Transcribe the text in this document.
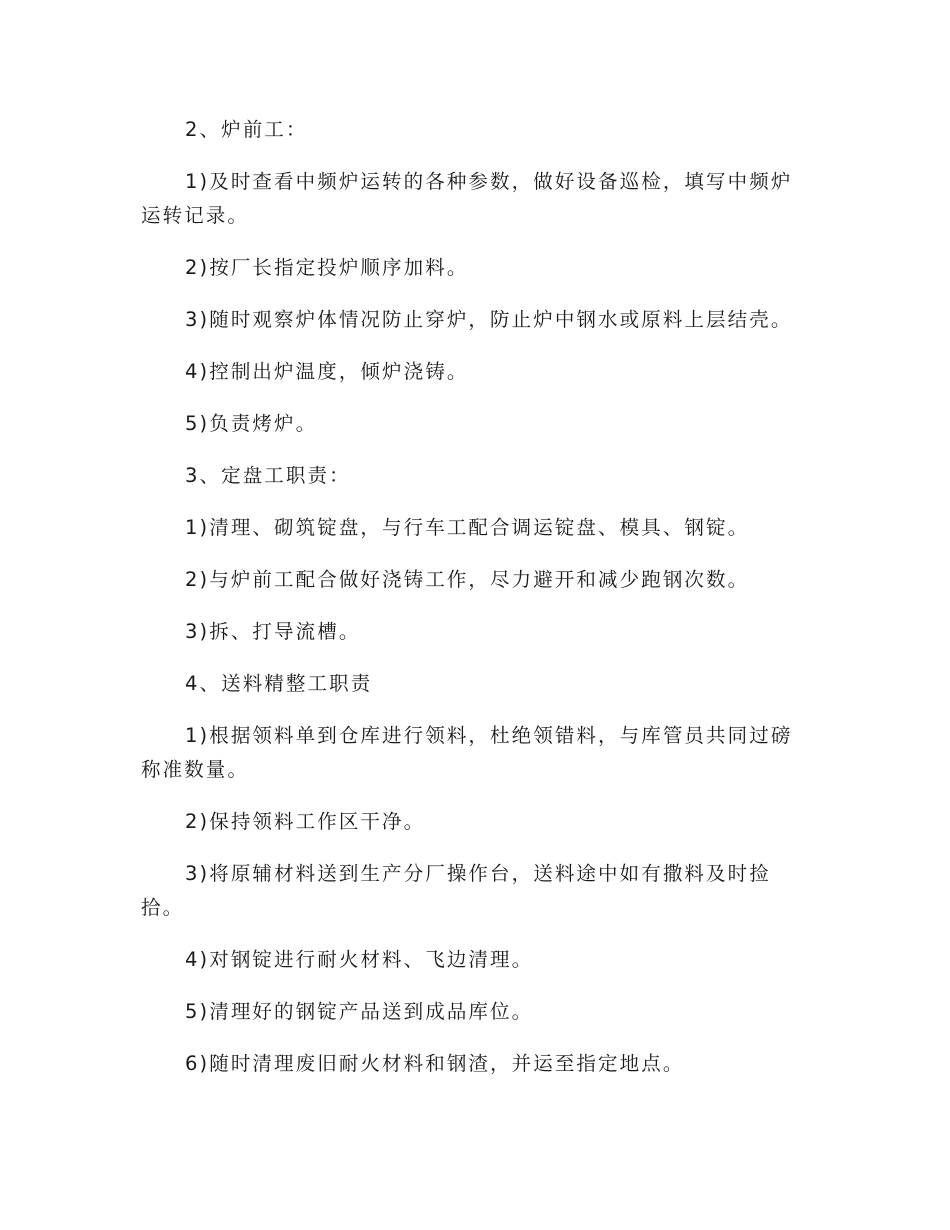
2、炉前工：

1)及时查看中频炉运转的各种参数，做好设备巡检，填写中频炉运转记录。

2)按厂长指定投炉顺序加料。

3)随时观察炉体情况防止穿炉，防止炉中钢水或原料上层结壳。

4)控制出炉温度，倾炉浇铸。

5)负责烤炉。

3、定盘工职责：

1)清理、砌筑锭盘，与行车工配合调运锭盘、模具、钢锭。

2)与炉前工配合做好浇铸工作，尽力避开和减少跑钢次数。

3)拆、打导流槽。

4、送料精整工职责

1)根据领料单到仓库进行领料，杜绝领错料，与库管员共同过磅称准数量。

2)保持领料工作区干净。

3)将原辅材料送到生产分厂操作台，送料途中如有撒料及时捡拾。

4)对钢锭进行耐火材料、飞边清理。

5)清理好的钢锭产品送到成品库位。

6)随时清理废旧耐火材料和钢渣，并运至指定地点。
